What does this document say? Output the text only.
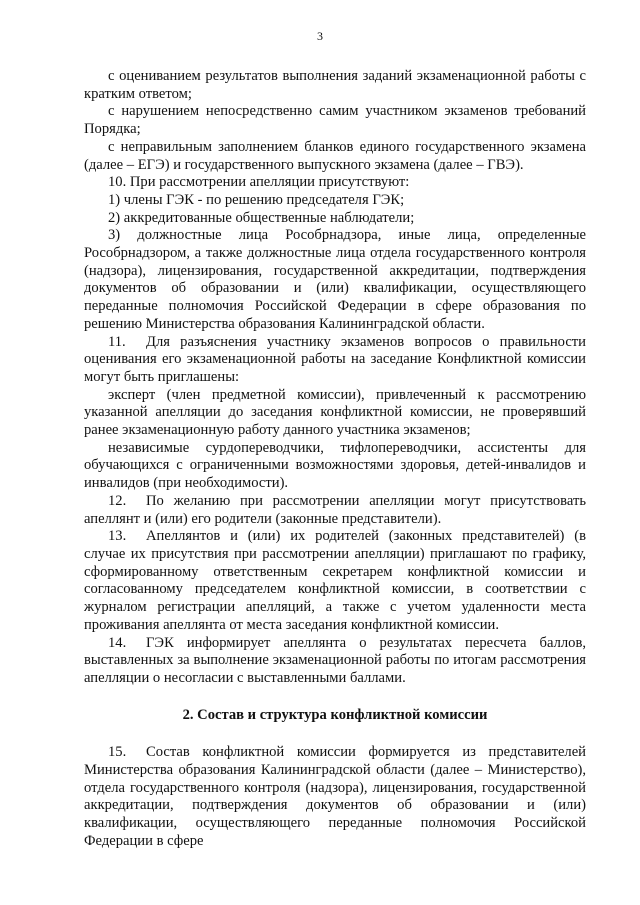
3

с оцениванием результатов выполнения заданий экзаменационной работы с кратким ответом;

с нарушением непосредственно самим участником экзаменов требований Порядка;

с неправильным заполнением бланков единого государственного экзамена (далее – ЕГЭ) и государственного выпускного экзамена (далее – ГВЭ).

10. При рассмотрении апелляции присутствуют:

1) члены ГЭК - по решению председателя ГЭК;

2) аккредитованные общественные наблюдатели;

3) должностные лица Рособрнадзора, иные лица, определенные Рособрнадзором, а также должностные лица отдела государственного контроля (надзора), лицензирования, государственной аккредитации, подтверждения документов об образовании и (или) квалификации, осуществляющего переданные полномочия Российской Федерации в сфере образования по решению Министерства образования Калининградской области.

11. Для разъяснения участнику экзаменов вопросов о правильности оценивания его экзаменационной работы на заседание Конфликтной комиссии могут быть приглашены:

эксперт (член предметной комиссии), привлеченный к рассмотрению указанной апелляции до заседания конфликтной комиссии, не проверявший ранее экзаменационную работу данного участника экзаменов;

независимые сурдопереводчики, тифлопереводчики, ассистенты для обучающихся с ограниченными возможностями здоровья, детей-инвалидов и инвалидов (при необходимости).

12. По желанию при рассмотрении апелляции могут присутствовать апеллянт и (или) его родители (законные представители).

13. Апеллянтов и (или) их родителей (законных представителей) (в случае их присутствия при рассмотрении апелляции) приглашают по графику, сформированному ответственным секретарем конфликтной комиссии и согласованному председателем конфликтной комиссии, в соответствии с журналом регистрации апелляций, а также с учетом удаленности места проживания апеллянта от места заседания конфликтной комиссии.

14. ГЭК информирует апеллянта о результатах пересчета баллов, выставленных за выполнение экзаменационной работы по итогам рассмотрения апелляции о несогласии с выставленными баллами.

2. Состав и структура конфликтной комиссии

15. Состав конфликтной комиссии формируется из представителей Министерства образования Калининградской области (далее – Министерство), отдела государственного контроля (надзора), лицензирования, государственной аккредитации, подтверждения документов об образовании и (или) квалификации, осуществляющего переданные полномочия Российской Федерации в сфере
